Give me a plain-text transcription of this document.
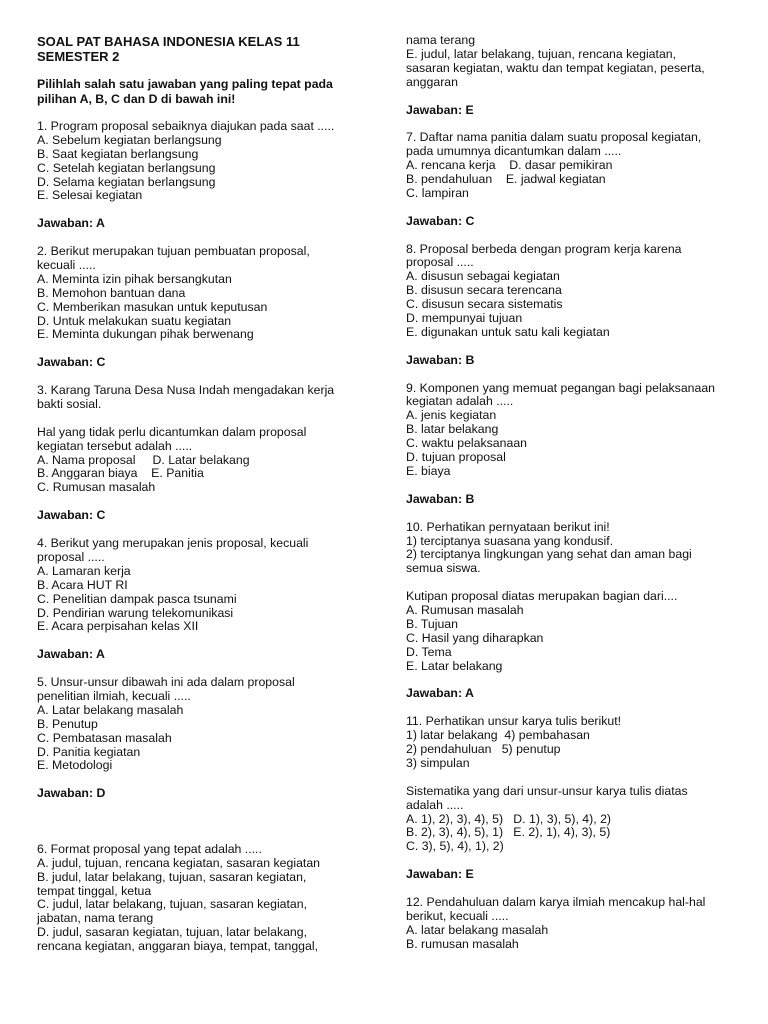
SOAL PAT BAHASA INDONESIA KELAS 11
SEMESTER 2
Pilihlah salah satu jawaban yang paling tepat pada pilihan A, B, C dan D di bawah ini!
1. Program proposal sebaiknya diajukan pada saat .....
A. Sebelum kegiatan berlangsung
B. Saat kegiatan berlangsung
C. Setelah kegiatan berlangsung
D. Selama kegiatan berlangsung
E. Selesai kegiatan
Jawaban: A
2. Berikut merupakan tujuan pembuatan proposal,
kecuali .....
A. Meminta izin pihak bersangkutan
B. Memohon bantuan dana
C. Memberikan masukan untuk keputusan
D. Untuk melakukan suatu kegiatan
E. Meminta dukungan pihak berwenang
Jawaban: C
3. Karang Taruna Desa Nusa Indah mengadakan kerja
bakti sosial.
Hal yang tidak perlu dicantumkan dalam proposal
kegiatan tersebut adalah .....
A. Nama proposal     D. Latar belakang
B. Anggaran biaya    E. Panitia
C. Rumusan masalah
Jawaban: C
4. Berikut yang merupakan jenis proposal, kecuali
proposal .....
A. Lamaran kerja
B. Acara HUT RI
C. Penelitian dampak pasca tsunami
D. Pendirian warung telekomunikasi
E. Acara perpisahan kelas XII
Jawaban: A
5. Unsur-unsur dibawah ini ada dalam proposal
penelitian ilmiah, kecuali .....
A. Latar belakang masalah
B. Penutup
C. Pembatasan masalah
D. Panitia kegiatan
E. Metodologi
Jawaban: D
6. Format proposal yang tepat adalah .....
A. judul, tujuan, rencana kegiatan, sasaran kegiatan
B. judul, latar belakang, tujuan, sasaran kegiatan,
tempat tinggal, ketua
C. judul, latar belakang, tujuan, sasaran kegiatan,
jabatan, nama terang
D. judul, sasaran kegiatan, tujuan, latar belakang,
rencana kegiatan, anggaran biaya, tempat, tanggal,
nama terang
E. judul, latar belakang, tujuan, rencana kegiatan,
sasaran kegiatan, waktu dan tempat kegiatan, peserta,
anggaran
Jawaban: E
7. Daftar nama panitia dalam suatu proposal kegiatan,
pada umumnya dicantumkan dalam .....
A. rencana kerja    D. dasar pemikiran
B. pendahuluan    E. jadwal kegiatan
C. lampiran
Jawaban: C
8. Proposal berbeda dengan program kerja karena
proposal .....
A. disusun sebagai kegiatan
B. disusun secara terencana
C. disusun secara sistematis
D. mempunyai tujuan
E. digunakan untuk satu kali kegiatan
Jawaban: B
9. Komponen yang memuat pegangan bagi pelaksanaan
kegiatan adalah .....
A. jenis kegiatan
B. latar belakang
C. waktu pelaksanaan
D. tujuan proposal
E. biaya
Jawaban: B
10. Perhatikan pernyataan berikut ini!
1) terciptanya suasana yang kondusif.
2) terciptanya lingkungan yang sehat dan aman bagi
semua siswa.
Kutipan proposal diatas merupakan bagian dari....
A. Rumusan masalah
B. Tujuan
C. Hasil yang diharapkan
D. Tema
E. Latar belakang
Jawaban: A
11. Perhatikan unsur karya tulis berikut!
1) latar belakang  4) pembahasan
2) pendahuluan   5) penutup
3) simpulan
Sistematika yang dari unsur-unsur karya tulis diatas
adalah .....
A. 1), 2), 3), 4), 5)   D. 1), 3), 5), 4), 2)
B. 2), 3), 4), 5), 1)   E. 2), 1), 4), 3), 5)
C. 3), 5), 4), 1), 2)
Jawaban: E
12. Pendahuluan dalam karya ilmiah mencakup hal-hal
berikut, kecuali .....
A. latar belakang masalah
B. rumusan masalah
